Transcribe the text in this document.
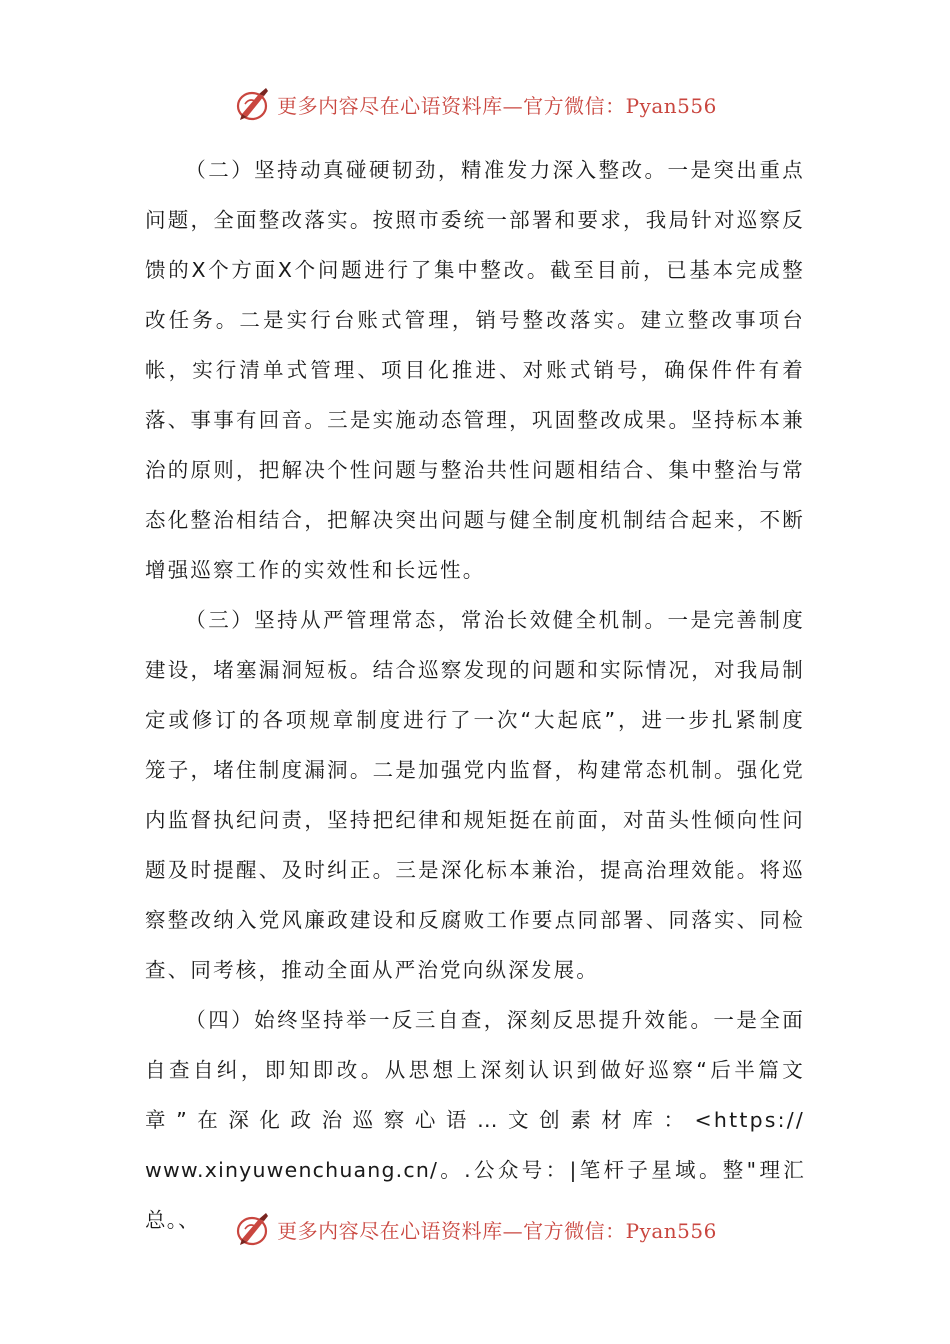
更多内容尽在心语资料库—官方微信：Pyan556

（二）坚持动真碰硬韧劲，精准发力深入整改。一是突出重点问题，全面整改落实。按照市委统一部署和要求，我局针对巡察反馈的X个方面X个问题进行了集中整改。截至目前，已基本完成整改任务。二是实行台账式管理，销号整改落实。建立整改事项台帐，实行清单式管理、项目化推进、对账式销号，确保件件有着落、事事有回音。三是实施动态管理，巩固整改成果。坚持标本兼治的原则，把解决个性问题与整治共性问题相结合、集中整治与常态化整治相结合，把解决突出问题与健全制度机制结合起来，不断增强巡察工作的实效性和长远性。

（三）坚持从严管理常态，常治长效健全机制。一是完善制度建设，堵塞漏洞短板。结合巡察发现的问题和实际情况，对我局制定或修订的各项规章制度进行了一次“大起底”，进一步扎紧制度笼子，堵住制度漏洞。二是加强党内监督，构建常态机制。强化党内监督执纪问责，坚持把纪律和规矩挺在前面，对苗头性倾向性问题及时提醒、及时纠正。三是深化标本兼治，提高治理效能。将巡察整改纳入党风廉政建设和反腐败工作要点同部署、同落实、同检查、同考核，推动全面从严治党向纵深发展。

（四）始终坚持举一反三自查，深刻反思提升效能。一是全面自查自纠，即知即改。从思想上深刻认识到做好巡察“后半篇文章”在深化政治巡察心语…文创素材库：<https://

www.xinyuwenchuang.cn/。.公众号：|笔杆子星域。整"理汇总。、	更多内容尽在心语资料库—官方微信：Pyan556
